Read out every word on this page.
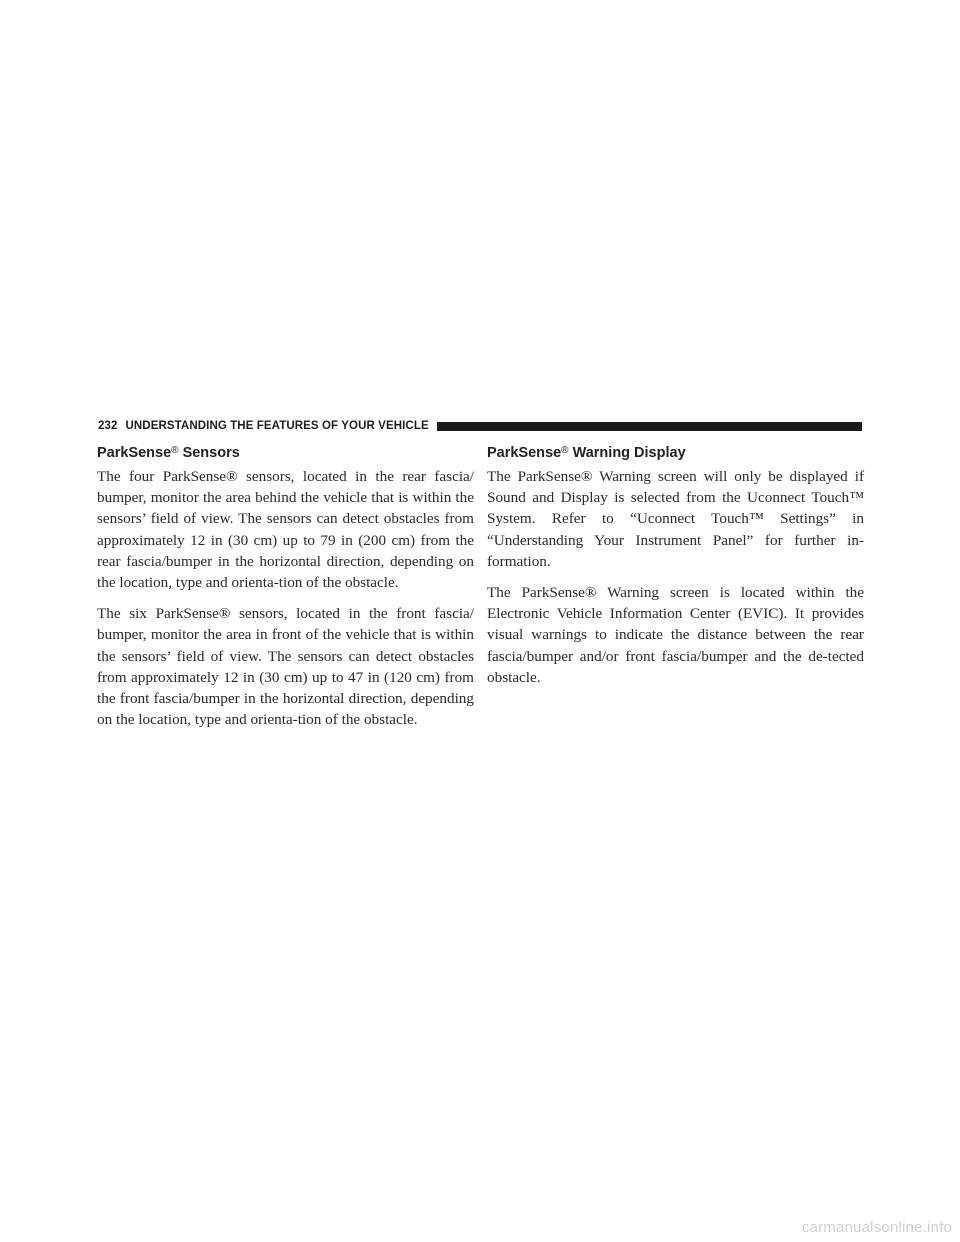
232 UNDERSTANDING THE FEATURES OF YOUR VEHICLE
ParkSense® Sensors

The four ParkSense® sensors, located in the rear fascia/ bumper, monitor the area behind the vehicle that is within the sensors’ field of view. The sensors can detect obstacles from approximately 12 in (30 cm) up to 79 in (200 cm) from the rear fascia/bumper in the horizontal direction, depending on the location, type and orienta-tion of the obstacle.

The six ParkSense® sensors, located in the front fascia/ bumper, monitor the area in front of the vehicle that is within the sensors’ field of view. The sensors can detect obstacles from approximately 12 in (30 cm) up to 47 in (120 cm) from the front fascia/bumper in the horizontal direction, depending on the location, type and orienta-tion of the obstacle.

ParkSense® Warning Display

The ParkSense® Warning screen will only be displayed if Sound and Display is selected from the Uconnect Touch™ System. Refer to “Uconnect Touch™ Settings” in “Understanding Your Instrument Panel” for further in-formation.

The ParkSense® Warning screen is located within the Electronic Vehicle Information Center (EVIC). It provides visual warnings to indicate the distance between the rear fascia/bumper and/or front fascia/bumper and the de-tected obstacle.

carmanualsonline.info
